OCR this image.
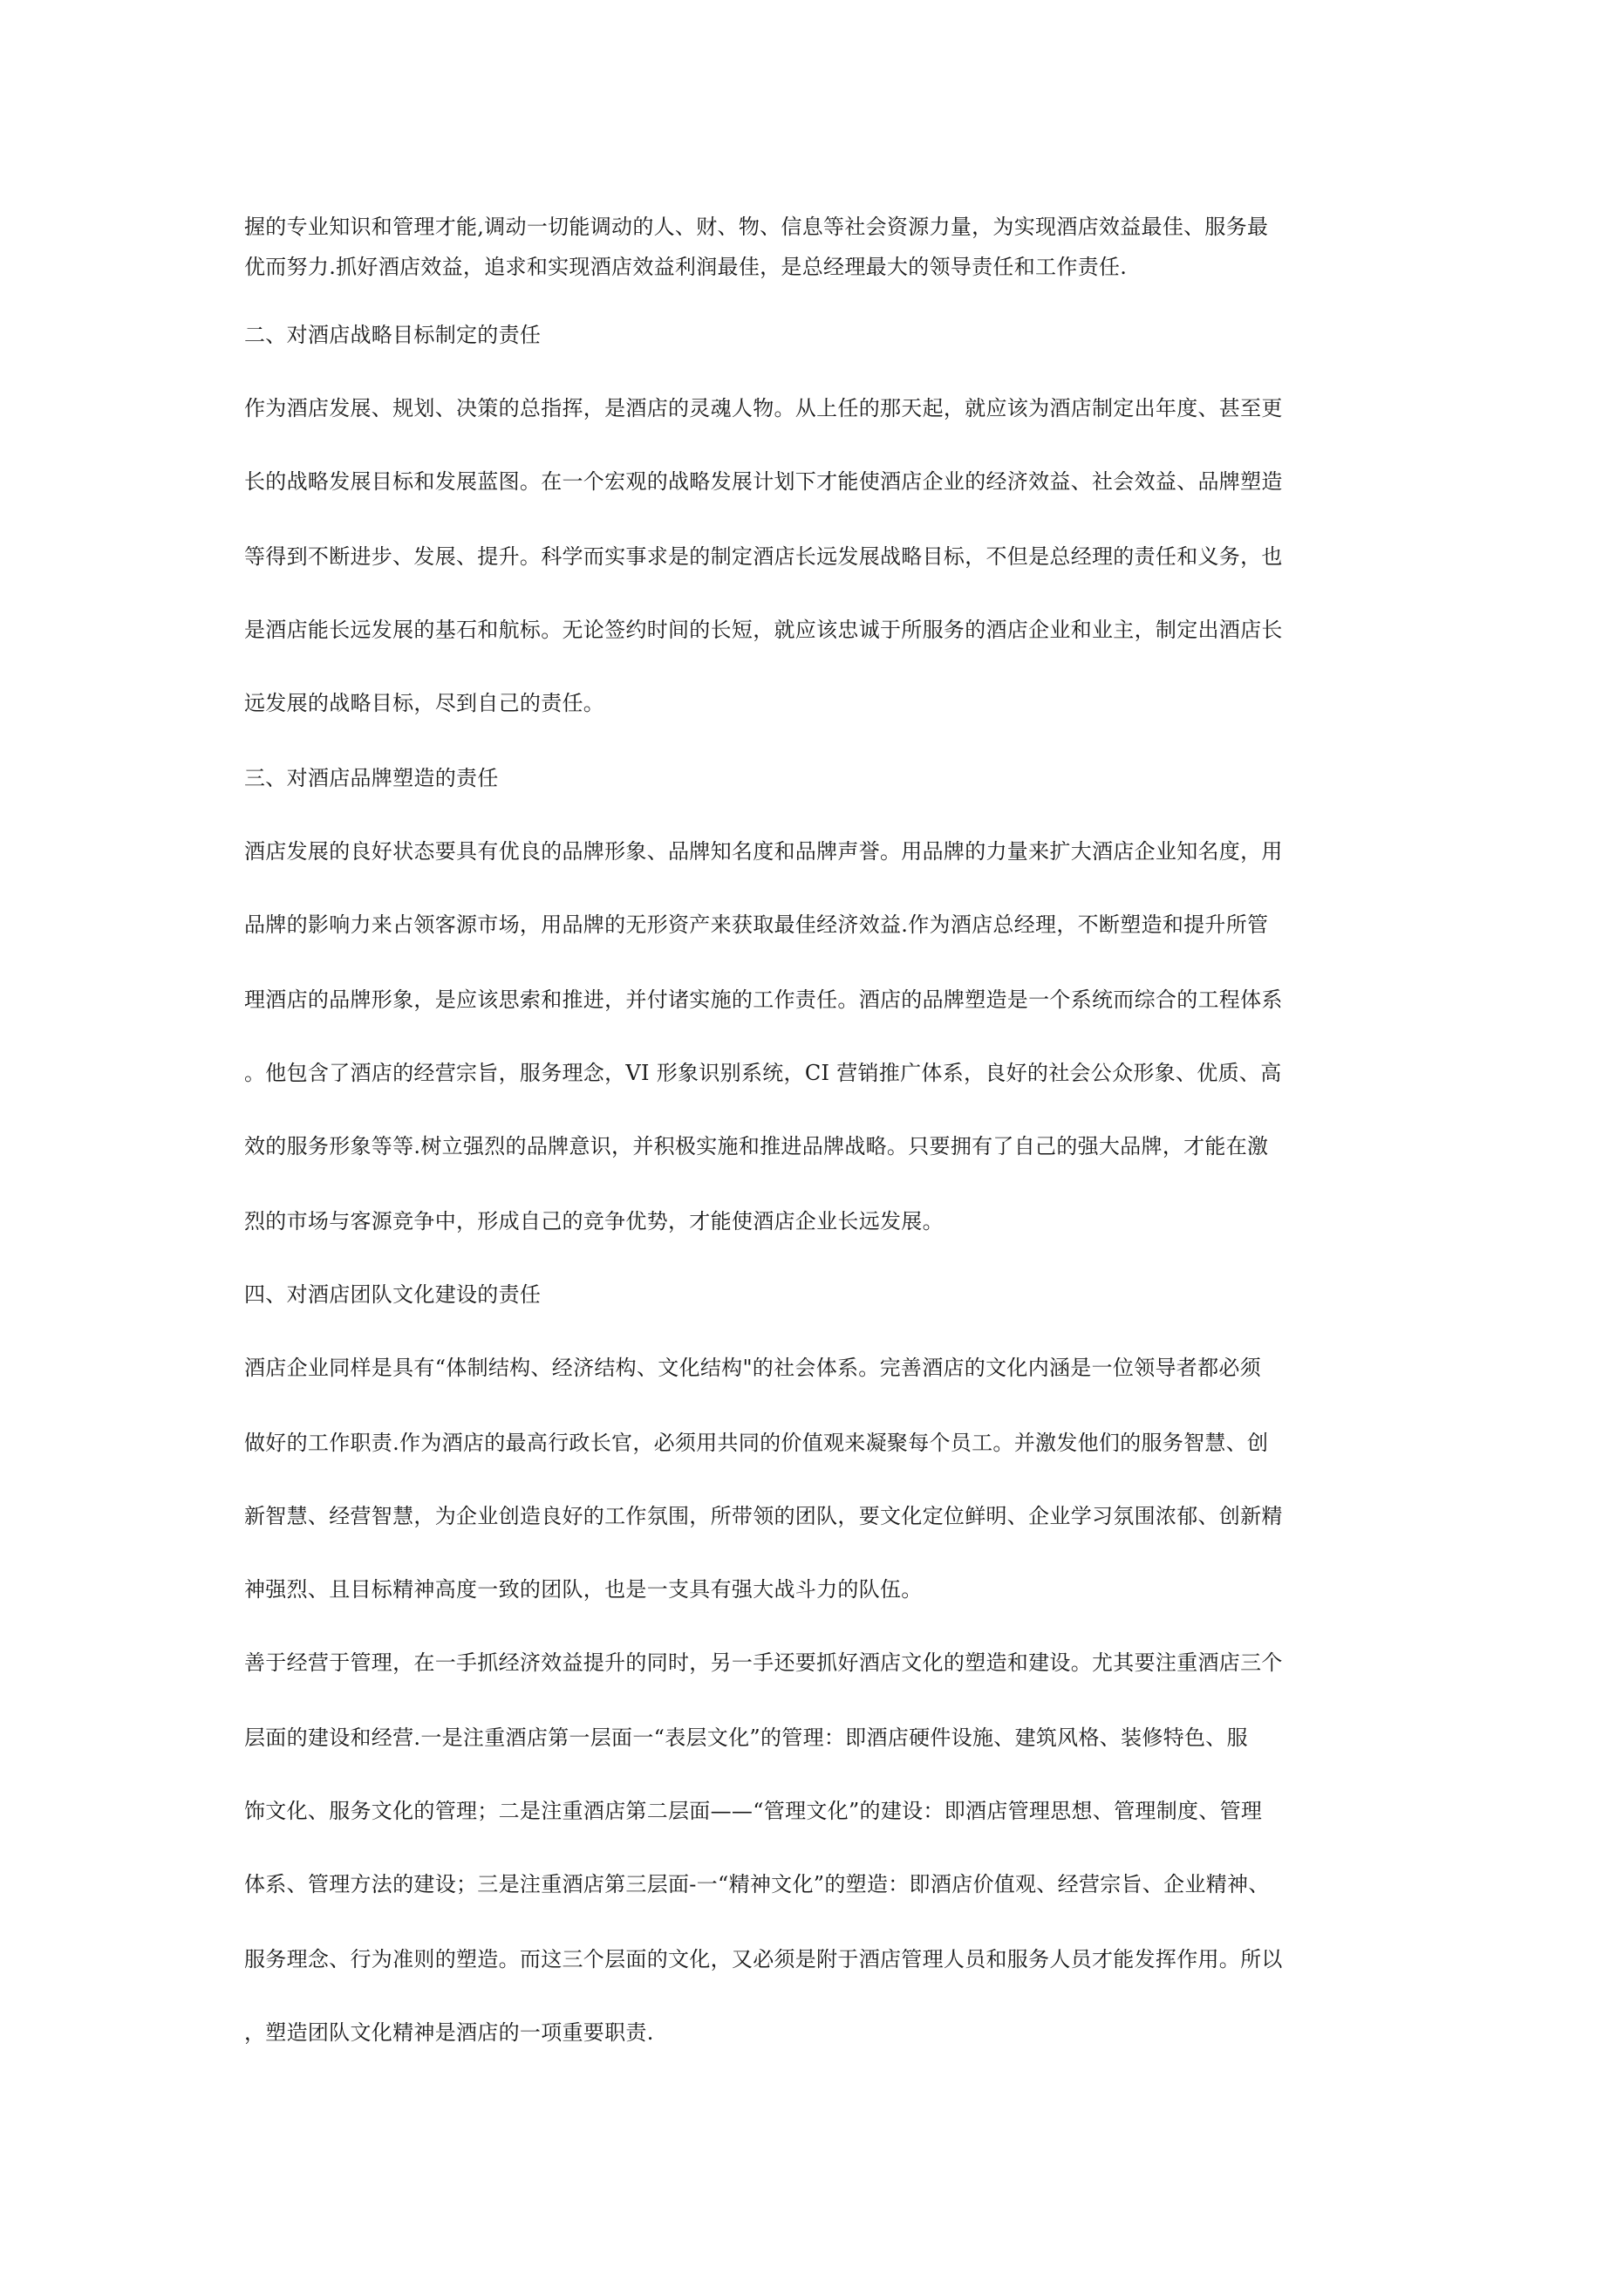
握的专业知识和管理才能,调动一切能调动的人、财、物、信息等社会资源力量，为实现酒店效益最佳、服务最
优而努力.抓好酒店效益，追求和实现酒店效益利润最佳，是总经理最大的领导责任和工作责任.
二、对酒店战略目标制定的责任
作为酒店发展、规划、决策的总指挥，是酒店的灵魂人物。从上任的那天起，就应该为酒店制定出年度、甚至更
长的战略发展目标和发展蓝图。在一个宏观的战略发展计划下才能使酒店企业的经济效益、社会效益、品牌塑造
等得到不断进步、发展、提升。科学而实事求是的制定酒店长远发展战略目标，不但是总经理的责任和义务，也
是酒店能长远发展的基石和航标。无论签约时间的长短，就应该忠诚于所服务的酒店企业和业主，制定出酒店长
远发展的战略目标，尽到自己的责任。
三、对酒店品牌塑造的责任
酒店发展的良好状态要具有优良的品牌形象、品牌知名度和品牌声誉。用品牌的力量来扩大酒店企业知名度，用
品牌的影响力来占领客源市场，用品牌的无形资产来获取最佳经济效益.作为酒店总经理，不断塑造和提升所管
理酒店的品牌形象，是应该思索和推进，并付诸实施的工作责任。酒店的品牌塑造是一个系统而综合的工程体系
。他包含了酒店的经营宗旨，服务理念，VI 形象识别系统，CI 营销推广体系，良好的社会公众形象、优质、高
效的服务形象等等.树立强烈的品牌意识，并积极实施和推进品牌战略。只要拥有了自己的强大品牌，才能在激
烈的市场与客源竞争中，形成自己的竞争优势，才能使酒店企业长远发展。
四、对酒店团队文化建设的责任
酒店企业同样是具有“体制结构、经济结构、文化结构"的社会体系。完善酒店的文化内涵是一位领导者都必须
做好的工作职责.作为酒店的最高行政长官，必须用共同的价值观来凝聚每个员工。并激发他们的服务智慧、创
新智慧、经营智慧，为企业创造良好的工作氛围，所带领的团队，要文化定位鲜明、企业学习氛围浓郁、创新精
神强烈、且目标精神高度一致的团队，也是一支具有强大战斗力的队伍。
善于经营于管理，在一手抓经济效益提升的同时，另一手还要抓好酒店文化的塑造和建设。尤其要注重酒店三个
层面的建设和经营.一是注重酒店第一层面一“表层文化”的管理：即酒店硬件设施、建筑风格、装修特色、服
饰文化、服务文化的管理；二是注重酒店第二层面——“管理文化”的建设：即酒店管理思想、管理制度、管理
体系、管理方法的建设；三是注重酒店第三层面-一“精神文化”的塑造：即酒店价值观、经营宗旨、企业精神、
服务理念、行为准则的塑造。而这三个层面的文化，又必须是附于酒店管理人员和服务人员才能发挥作用。所以
，塑造团队文化精神是酒店的一项重要职责.
